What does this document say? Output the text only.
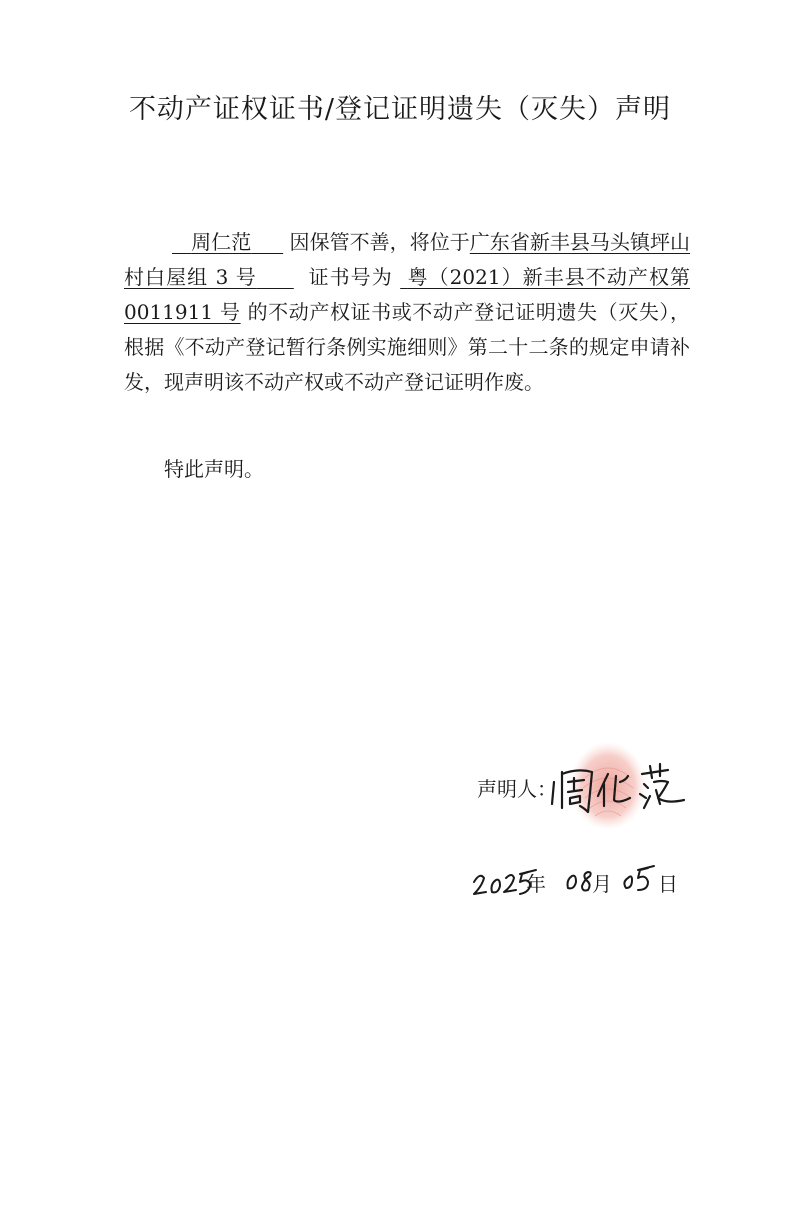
不动产证权证书/登记证明遗失（灭失）声明

周仁范 因保管不善，将位于广东省新丰县马头镇坪山村白屋组 3 号	证书号为 粤（2021）新丰县不动产权第0011911 号 的不动产权证书或不动产登记证明遗失（灭失），根据《不动产登记暂行条例实施细则》第二十二条的规定申请补发，现声明该不动产权或不动产登记证明作废。

特此声明。
声明人：
年 月 日
